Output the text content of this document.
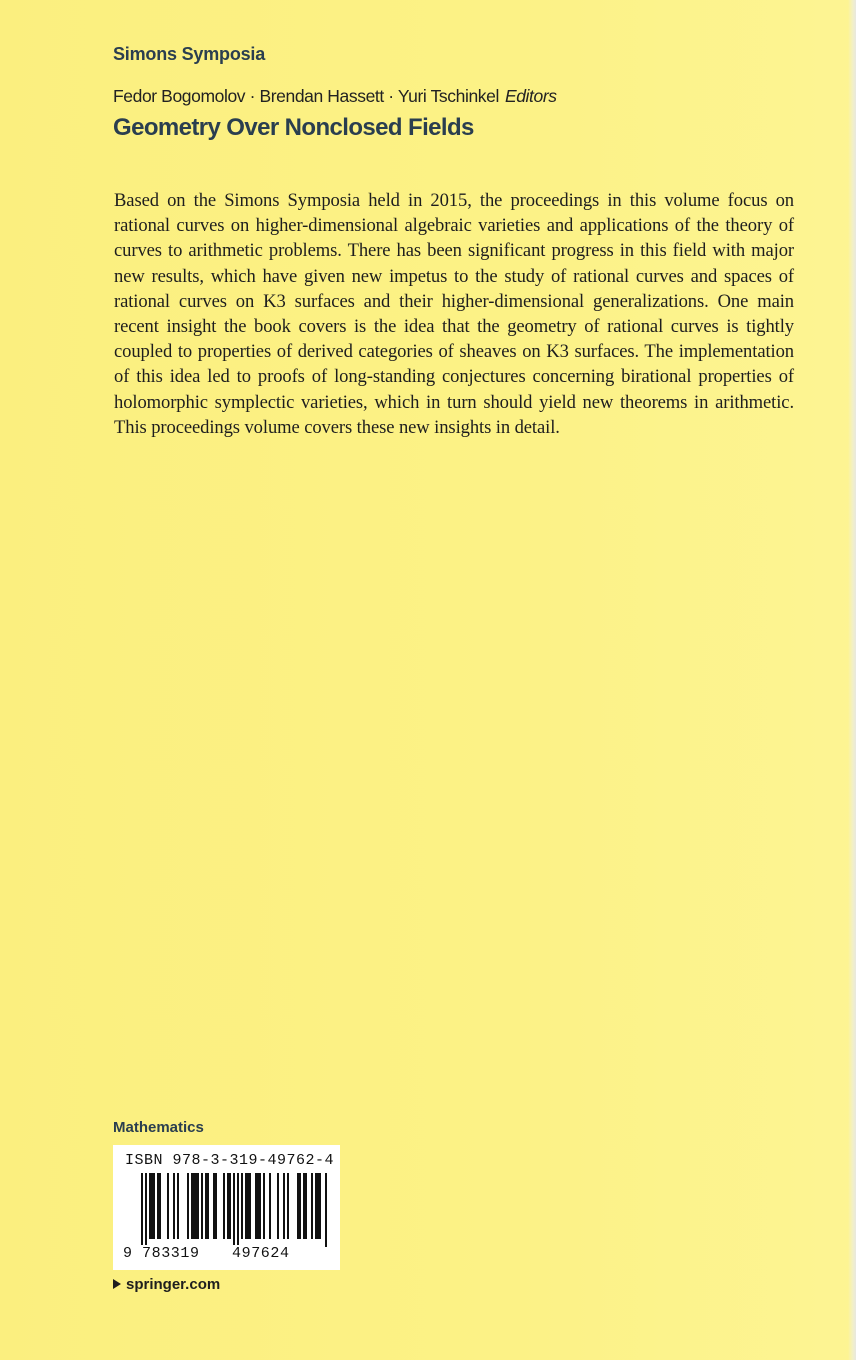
Simons Symposia
Fedor Bogomolov · Brendan Hassett · Yuri Tschinkel Editors
Geometry Over Nonclosed Fields

Based on the Simons Symposia held in 2015, the proceedings in this volume focus on rational curves on higher-dimensional algebraic varieties and applications of the theory of curves to arithmetic problems. There has been significant progress in this field with major new results, which have given new impetus to the study of rational curves and spaces of rational curves on K3 surfaces and their higher-dimensional generalizations. One main recent insight the book covers is the idea that the geometry of rational curves is tightly coupled to properties of derived categories of sheaves on K3 surfaces. The implementation of this idea led to proofs of long-standing conjectures concerning birational properties of holomorphic symplectic varieties, which in turn should yield new theorems in arithmetic. This proceedings volume covers these new insights in detail.

Mathematics
ISBN 978-3-319-49762-4
9 783319 497624
springer.com
